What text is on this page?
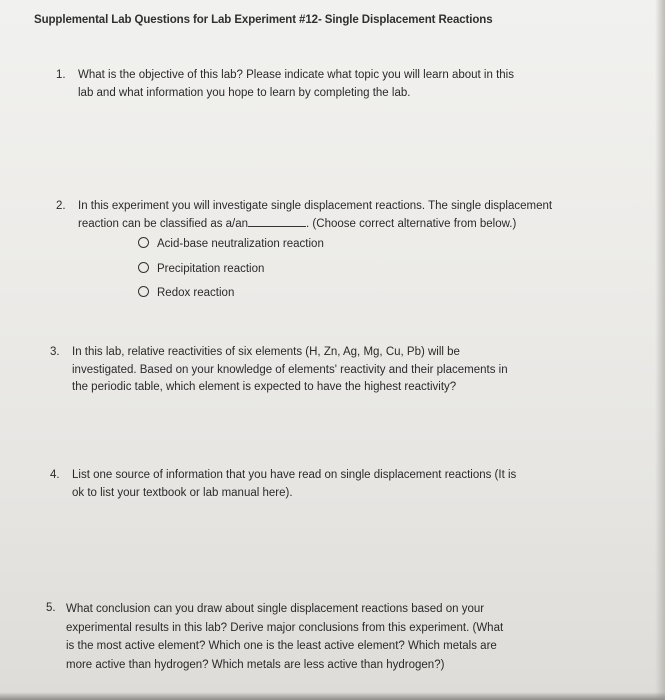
Supplemental Lab Questions for Lab Experiment #12- Single Displacement Reactions
1. What is the objective of this lab? Please indicate what topic you will learn about in this
lab and what information you hope to learn by completing the lab.
2. In this experiment you will investigate single displacement reactions. The single displacement
reaction can be classified as a/an	. (Choose correct alternative from below.)
Acid-base neutralization reaction
Precipitation reaction
Redox reaction
3. In this lab, relative reactivities of six elements (H, Zn, Ag, Mg, Cu, Pb) will be
investigated. Based on your knowledge of elements' reactivity and their placements in
the periodic table, which element is expected to have the highest reactivity?
4. List one source of information that you have read on single displacement reactions (It is
ok to list your textbook or lab manual here).
5. What conclusion can you draw about single displacement reactions based on your
experimental results in this lab? Derive major conclusions from this experiment. (What
is the most active element? Which one is the least active element? Which metals are
more active than hydrogen? Which metals are less active than hydrogen?)
